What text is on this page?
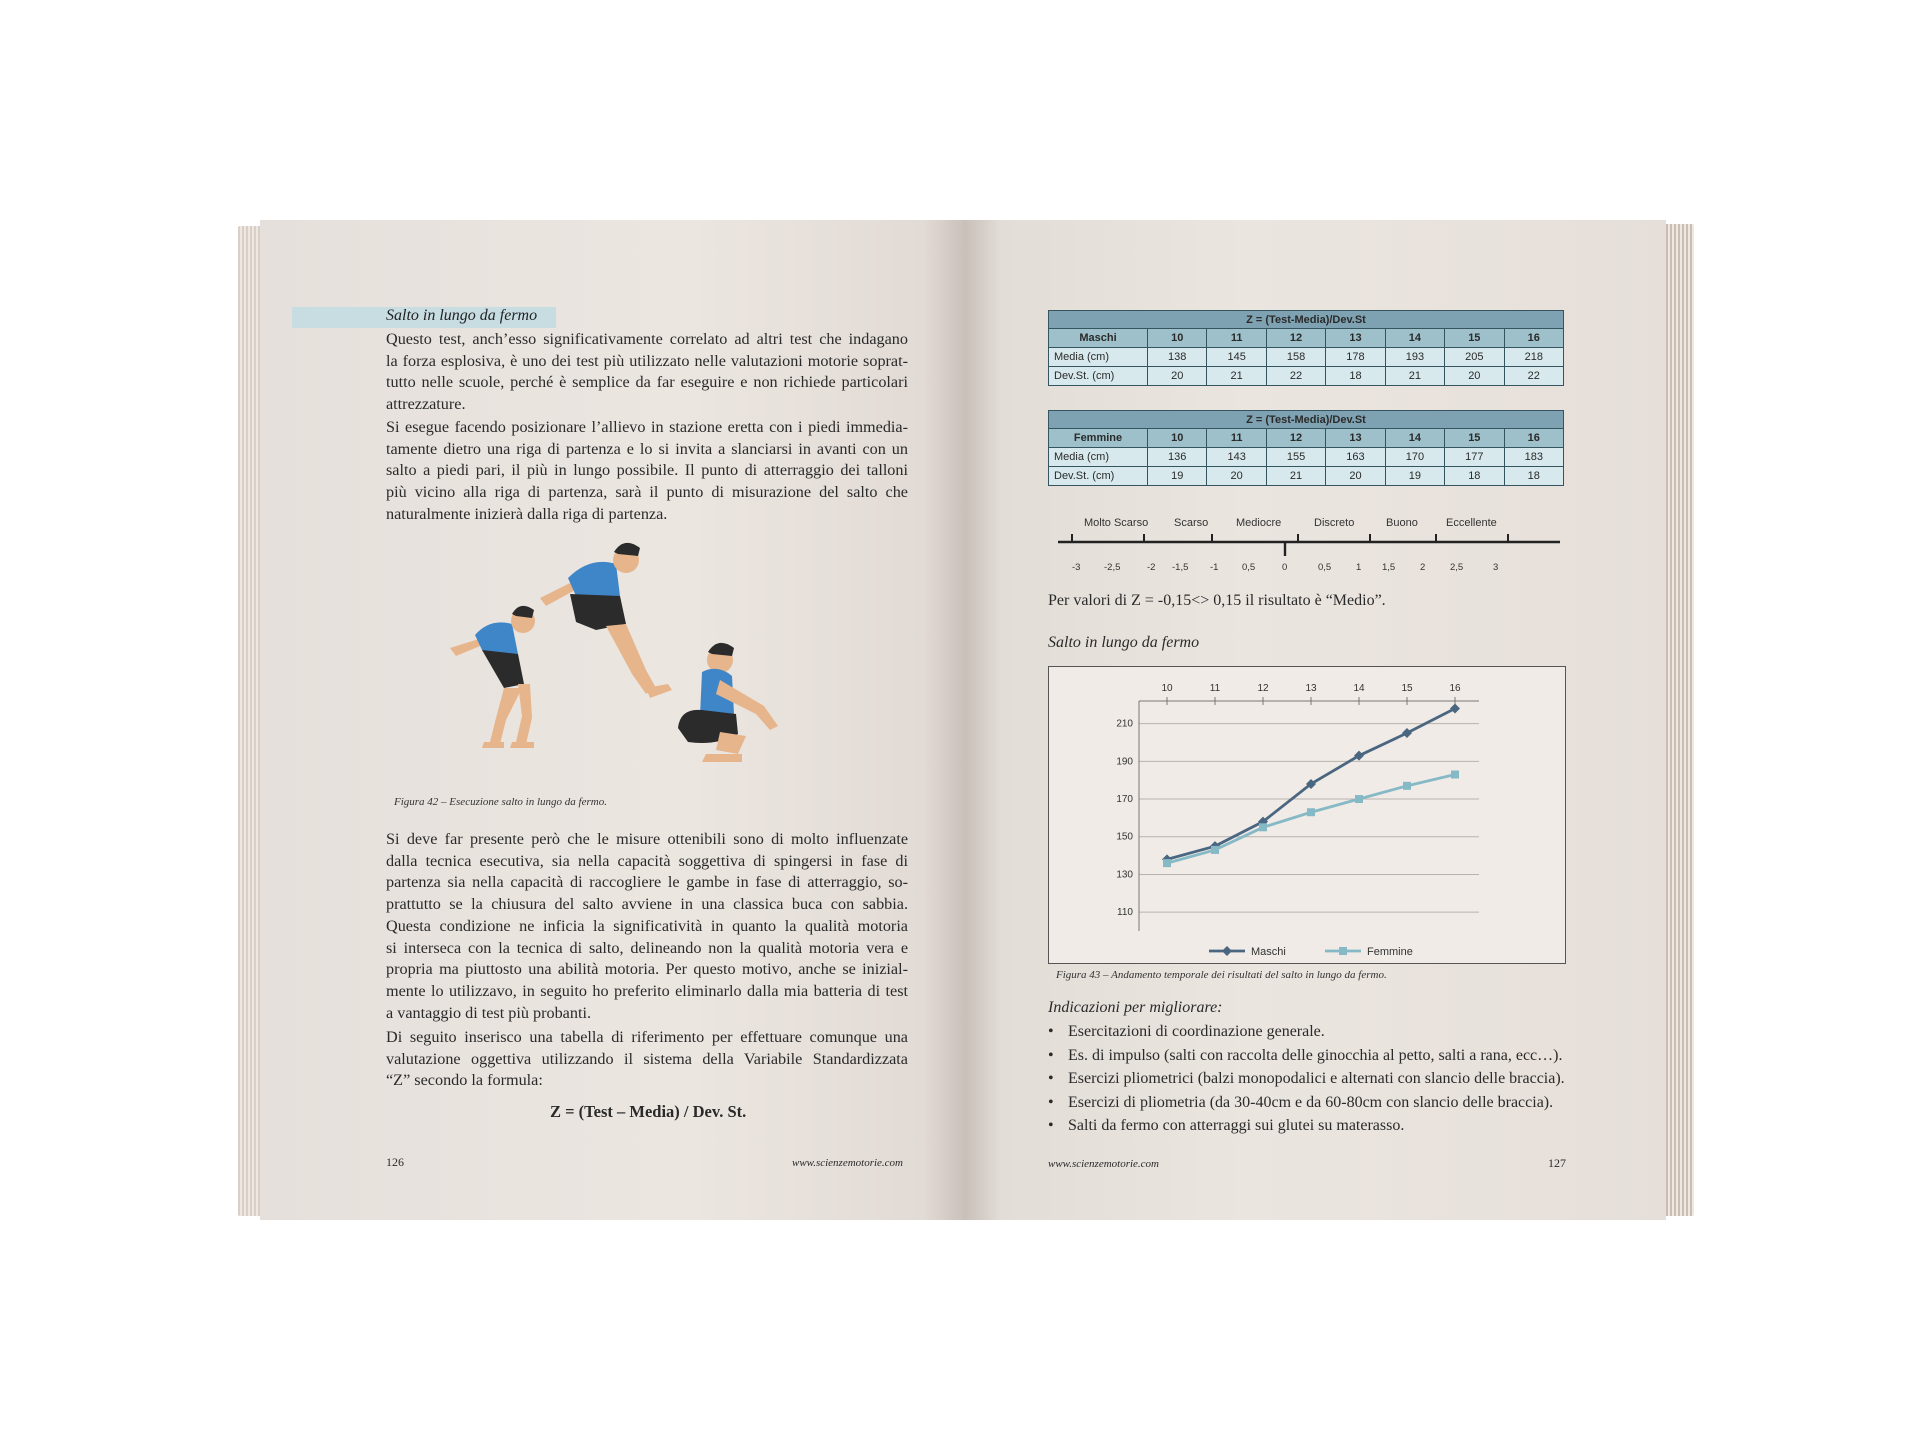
Salto in lungo da fermo
Questo test, anch’esso significativamente correlato ad altri test che indagano
la forza esplosiva, è uno dei test più utilizzato nelle valutazioni motorie soprat-
tutto nelle scuole, perché è semplice da far eseguire e non richiede particolari
attrezzature.
Si esegue facendo posizionare l’allievo in stazione eretta con i piedi immedia-
tamente dietro una riga di partenza e lo si invita a slanciarsi in avanti con un
salto a piedi pari, il più in lungo possibile. Il punto di atterraggio dei talloni
più vicino alla riga di partenza, sarà il punto di misurazione del salto che
naturalmente inizierà dalla riga di partenza.
Figura 42 – Esecuzione salto in lungo da fermo.
Si deve far presente però che le misure ottenibili sono di molto influenzate
dalla tecnica esecutiva, sia nella capacità soggettiva di spingersi in fase di
partenza sia nella capacità di raccogliere le gambe in fase di atterraggio, so-
prattutto se la chiusura del salto avviene in una classica buca con sabbia.
Questa condizione ne inficia la significatività in quanto la qualità motoria
si interseca con la tecnica di salto, delineando non la qualità motoria vera e
propria ma piuttosto una abilità motoria. Per questo motivo, anche se inizial-
mente lo utilizzavo, in seguito ho preferito eliminarlo dalla mia batteria di test
a vantaggio di test più probanti.
Di seguito inserisco una tabella di riferimento per effettuare comunque una
valutazione oggettiva utilizzando il sistema della Variabile Standardizzata
“Z” secondo la formula:
Z = (Test – Media) / Dev. St.
126	www.scienzemotorie.com
Z = (Test-Media)/Dev.St							
Maschi	10	11	12	13	14	15	16
Media (cm)	138	145	158	178	193	205	218
Dev.St. (cm)	20	21	22	18	21	20	22
Z = (Test-Media)/Dev.St							
Femmine	10	11	12	13	14	15	16
Media (cm)	136	143	155	163	170	177	183
Dev.St. (cm)	19	20	21	20	19	18	18
Molto Scarso Scarso	Mediocre	Discreto	Buono	Eccellente
-3 -2,5	-2 -1,5 -1 0,5	0	0,5	1 1,5	2	2,5	3
Per valori di Z = -0,15<> 0,15 il risultato è “Medio”.
Salto in lungo da fermo
10	11	12	13	14	15	16
110
130
150
170
190
210
Maschi	Femmine
Figura 43 – Andamento temporale dei risultati del salto in lungo da fermo.
Indicazioni per migliorare:
• Esercitazioni di coordinazione generale.
• Es. di impulso (salti con raccolta delle ginocchia al petto, salti a rana, ecc…).
• Esercizi pliometrici (balzi monopodalici e alternati con slancio delle braccia).
• Esercizi di pliometria (da 30-40cm e da 60-80cm con slancio delle braccia).
• Salti da fermo con atterraggi sui glutei su materasso.
www.scienzemotorie.com	127
